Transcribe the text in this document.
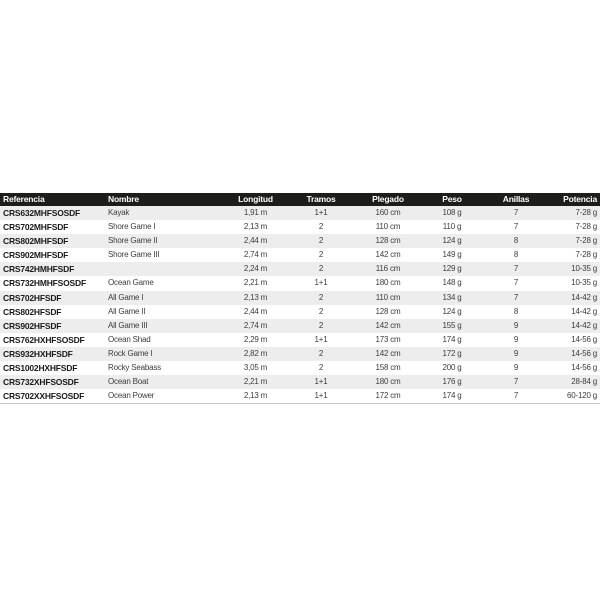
Referencia	Nombre	Longitud	Tramos	Plegado	Peso	Anillas	Potencia
CRS632MHFSOSDF	Kayak	1,91 m	1+1	160 cm	108 g	7	7-28 g
CRS702MHFSDF	Shore Game I	2,13 m	2	110 cm	110 g	7	7-28 g
CRS802MHFSDF	Shore Game II	2,44 m	2	128 cm	124 g	8	7-28 g
CRS902MHFSDF	Shore Game III	2,74 m	2	142 cm	149 g	8	7-28 g
CRS742HMHFSDF		2,24 m	2	116 cm	129 g	7	10-35 g
CRS732HMHFSOSDF	Ocean Game	2,21 m	1+1	180 cm	148 g	7	10-35 g
CRS702HFSDF	All Game I	2,13 m	2	110 cm	134 g	7	14-42 g
CRS802HFSDF	All Game II	2,44 m	2	128 cm	124 g	8	14-42 g
CRS902HFSDF	All Game III	2,74 m	2	142 cm	155 g	9	14-42 g
CRS762HXHFSOSDF	Ocean Shad	2,29 m	1+1	173 cm	174 g	9	14-56 g
CRS932HXHFSDF	Rock Game I	2,82 m	2	142 cm	172 g	9	14-56 g
CRS1002HXHFSDF	Rocky Seabass	3,05 m	2	158 cm	200 g	9	14-56 g
CRS732XHFSOSDF	Ocean Boat	2,21 m	1+1	180 cm	176 g	7	28-84 g
CRS702XXHFSOSDF	Ocean Power	2,13 m	1+1	172 cm	174 g	7	60-120 g
